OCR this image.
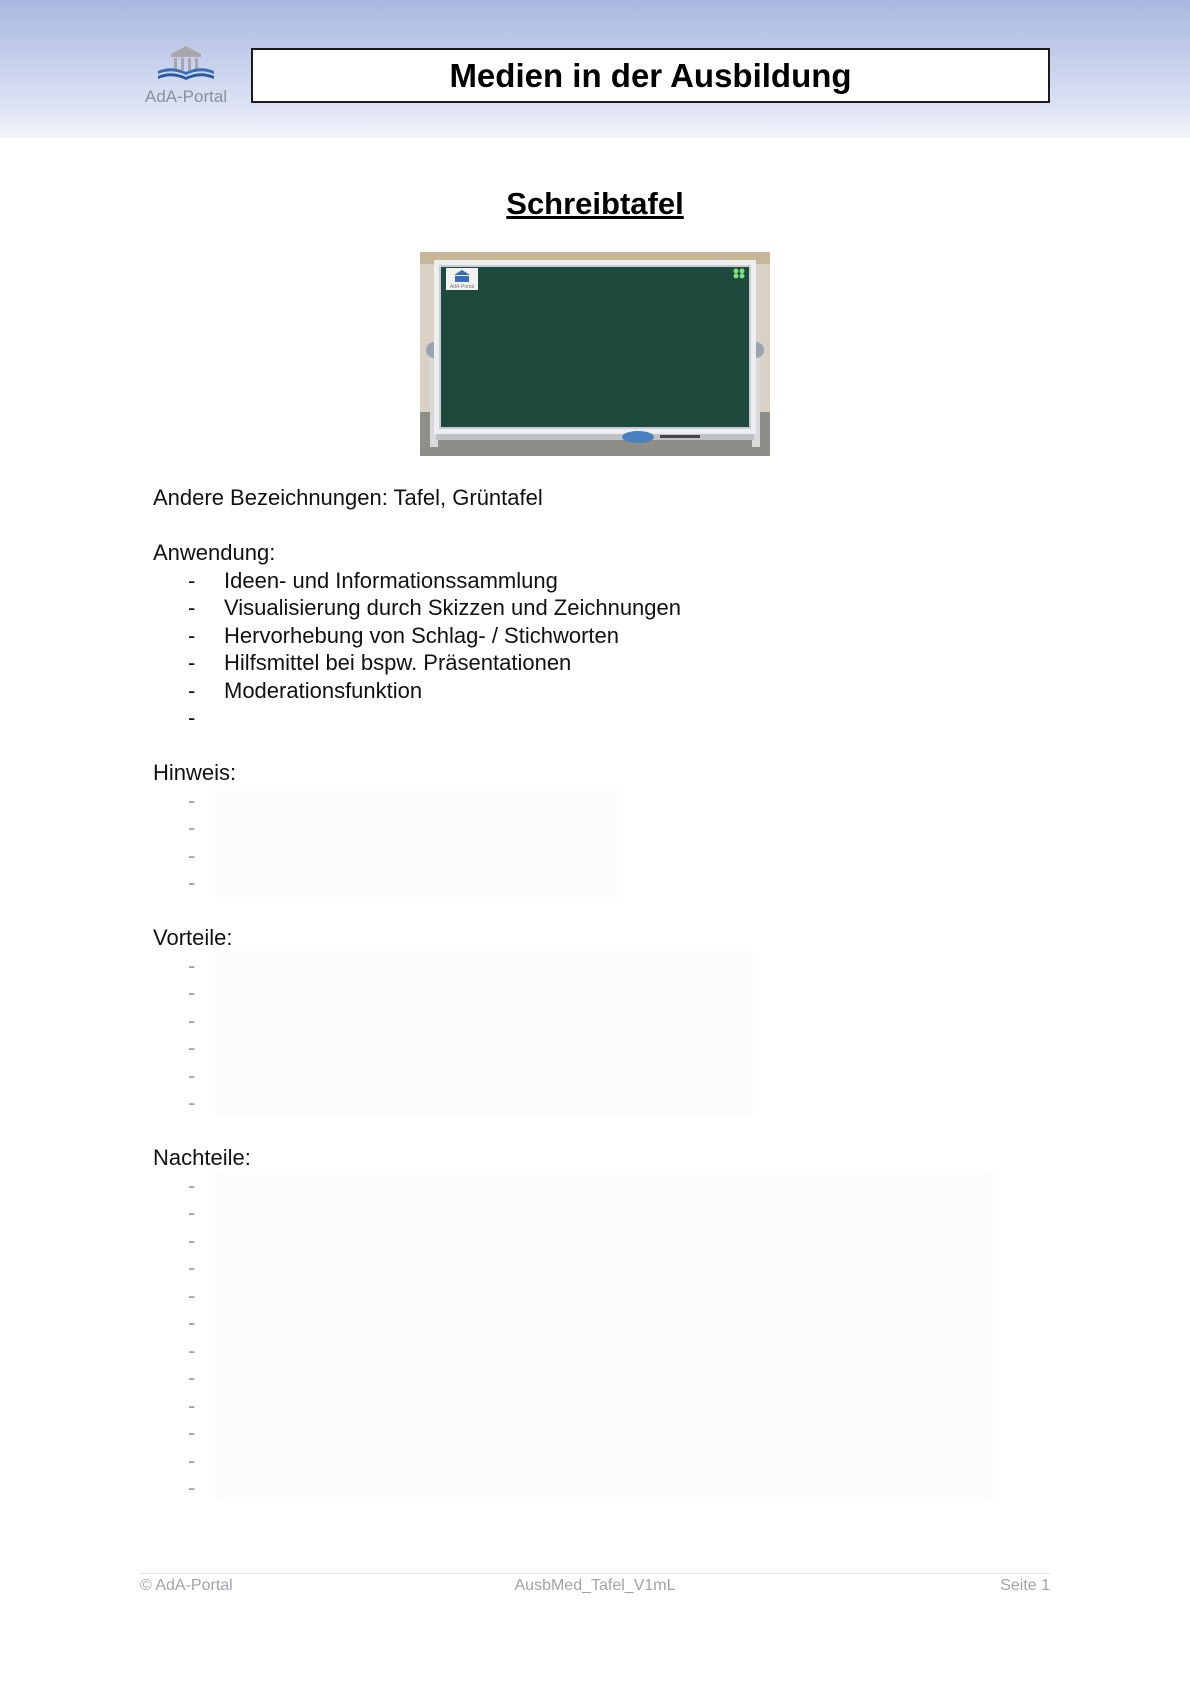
AdA-Portal
Medien in der Ausbildung
Schreibtafel
AdA-Portal

Andere Bezeichnungen: Tafel, Grüntafel

Anwendung:

- Ideen- und Informationssammlung
- Visualisierung durch Skizzen und Zeichnungen
- Hervorhebung von Schlag- / Stichworten
- Hilfsmittel bei bspw. Präsentationen
- Moderationsfunktion
-

Hinweis:

-
-
-
-

Vorteile:

-
-
-
-
-
-

Nachteile:

-
-
-
-
-
-
-
-
-
-
-
-
© AdA-Portal	AusbMed_Tafel_V1mL	Seite 1
